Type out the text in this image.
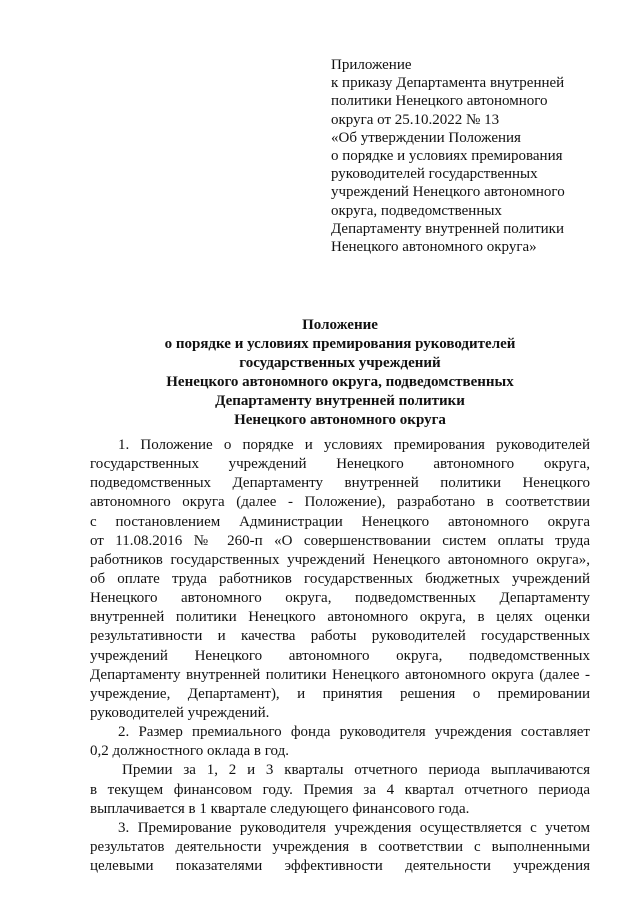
Приложение
к приказу Департамента внутренней
политики Ненецкого автономного
округа от 25.10.2022 № 13
«Об утверждении Положения
о порядке и условиях премирования
руководителей государственных
учреждений Ненецкого автономного
округа, подведомственных
Департаменту внутренней политики
Ненецкого автономного округа»
Положение
о порядке и условиях премирования руководителей
государственных учреждений
Ненецкого автономного округа, подведомственных
Департаменту внутренней политики
Ненецкого автономного округа
1. Положение о порядке и условиях премирования руководителей
государственных учреждений Ненецкого автономного округа,
подведомственных Департаменту внутренней политики Ненецкого
автономного округа (далее - Положение), разработано в соответствии
с постановлением Администрации Ненецкого автономного округа
от 11.08.2016 № 260-п «О совершенствовании систем оплаты труда
работников государственных учреждений Ненецкого автономного округа»,
об оплате труда работников государственных бюджетных учреждений
Ненецкого автономного округа, подведомственных Департаменту
внутренней политики Ненецкого автономного округа, в целях оценки
результативности и качества работы руководителей государственных
учреждений Ненецкого автономного округа, подведомственных
Департаменту внутренней политики Ненецкого автономного округа (далее -
учреждение, Департамент), и принятия решения о премировании
руководителей учреждений.
2. Размер премиального фонда руководителя учреждения составляет
0,2 должностного оклада в год.
Премии за 1, 2 и 3 кварталы отчетного периода выплачиваются
в текущем финансовом году. Премия за 4 квартал отчетного периода
выплачивается в 1 квартале следующего финансового года.
3. Премирование руководителя учреждения осуществляется с учетом
результатов деятельности учреждения в соответствии с выполненными
целевыми показателями эффективности деятельности учреждения
